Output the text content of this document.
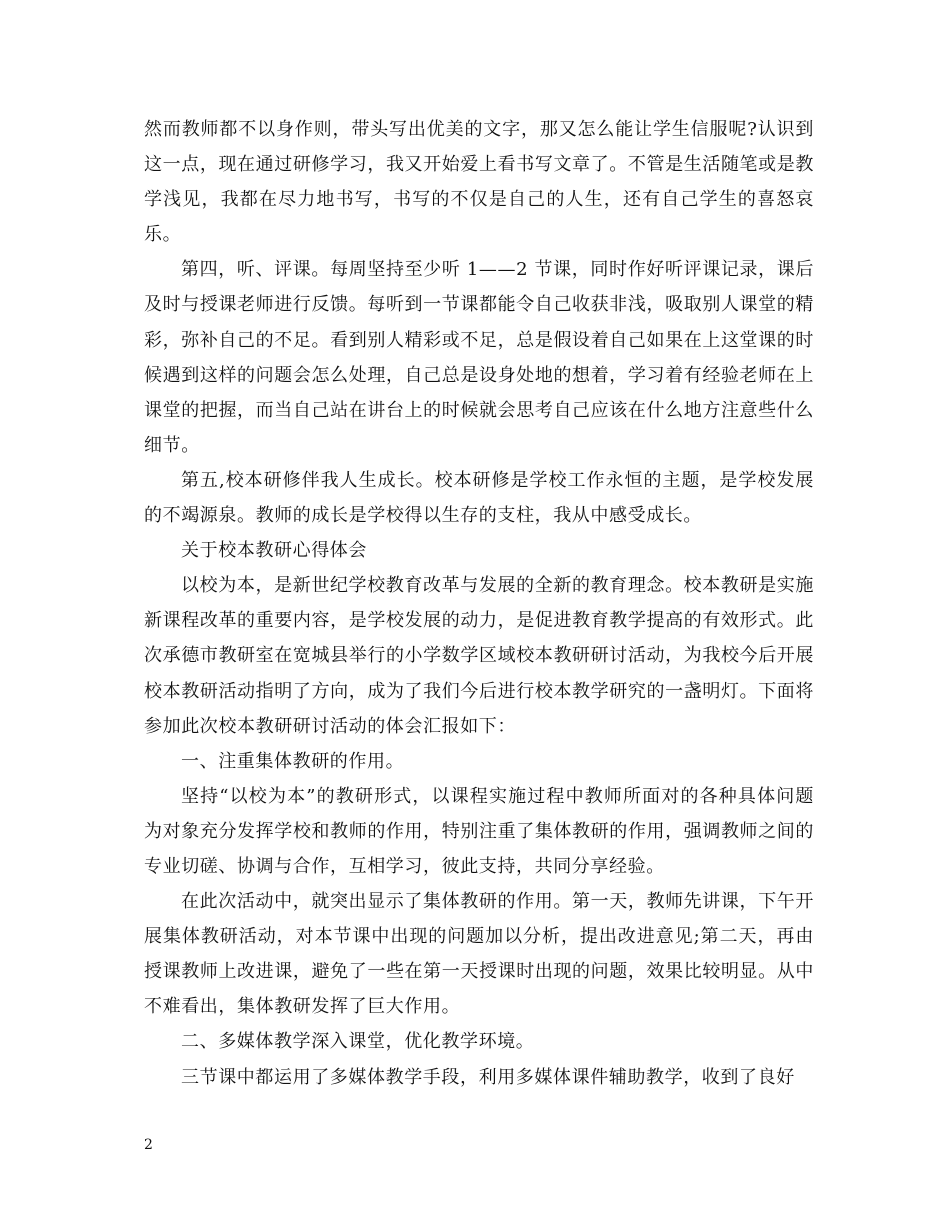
然而教师都不以身作则，带头写出优美的文字，那又怎么能让学生信服呢?认识到这一点，现在通过研修学习，我又开始爱上看书写文章了。不管是生活随笔或是教学浅见，我都在尽力地书写，书写的不仅是自己的人生，还有自己学生的喜怒哀乐。

第四，听、评课。每周坚持至少听 1——2 节课，同时作好听评课记录，课后及时与授课老师进行反馈。每听到一节课都能令自己收获非浅，吸取别人课堂的精彩，弥补自己的不足。看到别人精彩或不足，总是假设着自己如果在上这堂课的时候遇到这样的问题会怎么处理，自己总是设身处地的想着，学习着有经验老师在上课堂的把握，而当自己站在讲台上的时候就会思考自己应该在什么地方注意些什么细节。

第五,校本研修伴我人生成长。校本研修是学校工作永恒的主题，是学校发展的不竭源泉。教师的成长是学校得以生存的支柱，我从中感受成长。

关于校本教研心得体会

以校为本，是新世纪学校教育改革与发展的全新的教育理念。校本教研是实施新课程改革的重要内容，是学校发展的动力，是促进教育教学提高的有效形式。此次承德市教研室在宽城县举行的小学数学区域校本教研研讨活动，为我校今后开展校本教研活动指明了方向，成为了我们今后进行校本教学研究的一盏明灯。下面将参加此次校本教研研讨活动的体会汇报如下：

一、注重集体教研的作用。

坚持“以校为本”的教研形式，以课程实施过程中教师所面对的各种具体问题为对象充分发挥学校和教师的作用，特别注重了集体教研的作用，强调教师之间的专业切磋、协调与合作，互相学习，彼此支持，共同分享经验。

在此次活动中，就突出显示了集体教研的作用。第一天，教师先讲课，下午开展集体教研活动，对本节课中出现的问题加以分析，提出改进意见;第二天，再由授课教师上改进课，避免了一些在第一天授课时出现的问题，效果比较明显。从中不难看出，集体教研发挥了巨大作用。

二、多媒体教学深入课堂，优化教学环境。

三节课中都运用了多媒体教学手段，利用多媒体课件辅助教学，收到了良好

2
